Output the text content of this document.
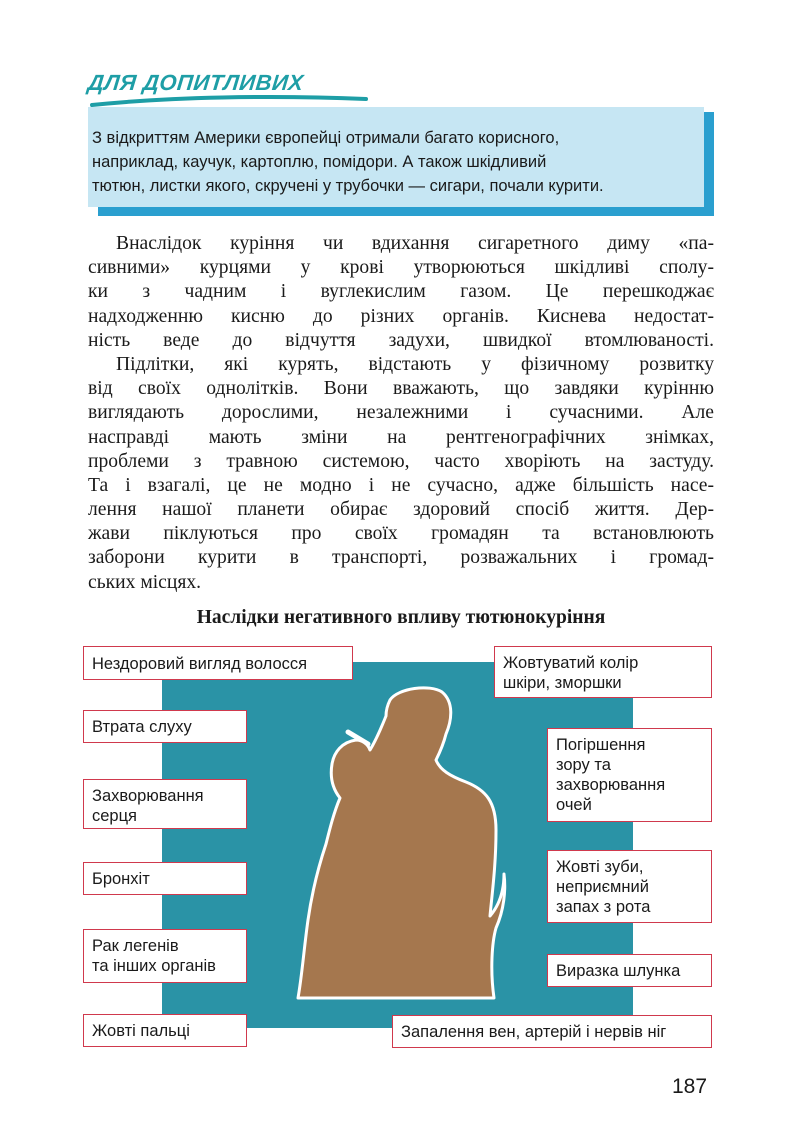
ДЛЯ ДОПИТЛИВИХ
З відкриттям Америки європейці отримали багато корисного,
наприклад, каучук, картоплю, помідори. А також шкідливий
тютюн, листки якого, скручені у трубочки — сигари, почали курити.
Внаслідок куріння чи вдихання сигаретного диму «па-
сивними» курцями у крові утворюються шкідливі сполу-
ки з чадним і вуглекислим газом. Це перешкоджає
надходженню кисню до різних органів. Киснева недостат-
ність веде до відчуття задухи, швидкої втомлюваності.
Підлітки, які курять, відстають у фізичному розвитку
від своїх однолітків. Вони вважають, що завдяки курінню
виглядають дорослими, незалежними і сучасними. Але
насправді мають зміни на рентгенографічних знімках,
проблеми з травною системою, часто хворіють на застуду.
Та і взагалі, це не модно і не сучасно, адже більшість насе-
лення нашої планети обирає здоровий спосіб життя. Дер-
жави піклуються про своїх громадян та встановлюють
заборони курити в транспорті, розважальних і громад-
ських місцях.
Наслідки негативного впливу тютюнокуріння
Нездоровий вигляд волосся
Втрата слуху
Захворювання
серця
Бронхіт
Рак легенів
та інших органів
Жовті пальці
Жовтуватий колір
шкіри, зморшки
Погіршення
зору та
захворювання
очей
Жовті зуби,
неприємний
запах з рота
Виразка шлунка
Запалення вен, артерій і нервів ніг
187
